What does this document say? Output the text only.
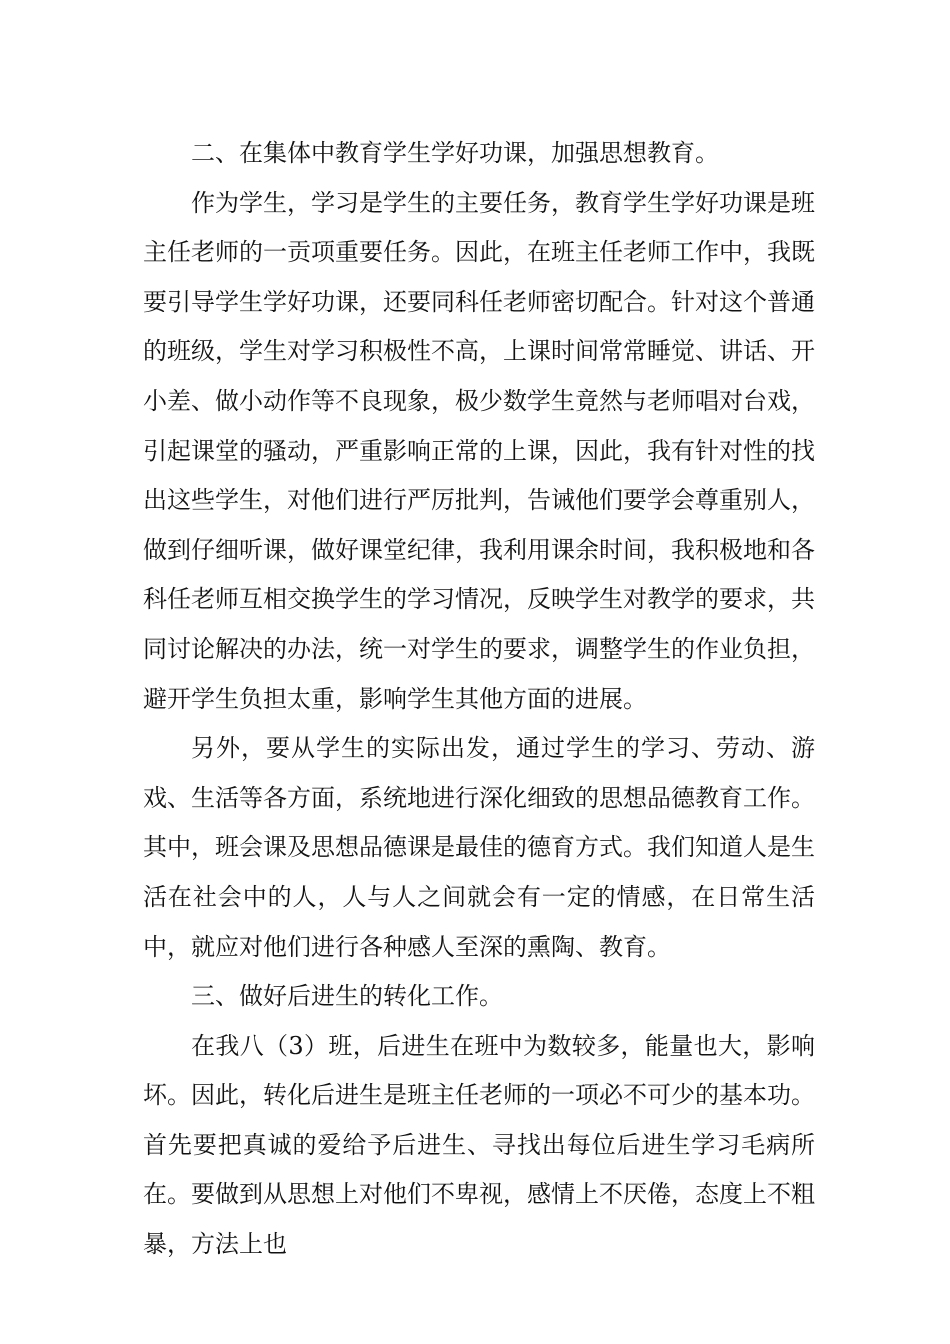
二、在集体中教育学生学好功课，加强思想教育。

作为学生，学习是学生的主要任务，教育学生学好功课是班主任老师的一贡项重要任务。因此，在班主任老师工作中，我既要引导学生学好功课，还要同科任老师密切配合。针对这个普通的班级，学生对学习积极性不高，上课时间常常睡觉、讲话、开小差、做小动作等不良现象，极少数学生竟然与老师唱对台戏，引起课堂的骚动，严重影响正常的上课，因此，我有针对性的找出这些学生，对他们进行严厉批判，告诫他们要学会尊重别人，做到仔细听课，做好课堂纪律，我利用课余时间，我积极地和各科任老师互相交换学生的学习情况，反映学生对教学的要求，共同讨论解决的办法，统一对学生的要求，调整学生的作业负担，避开学生负担太重，影响学生其他方面的进展。

另外，要从学生的实际出发，通过学生的学习、劳动、游戏、生活等各方面，系统地进行深化细致的思想品德教育工作。其中，班会课及思想品德课是最佳的德育方式。我们知道人是生活在社会中的人，人与人之间就会有一定的情感，在日常生活中，就应对他们进行各种感人至深的熏陶、教育。

三、做好后进生的转化工作。

在我八（3）班，后进生在班中为数较多，能量也大，影响坏。因此，转化后进生是班主任老师的一项必不可少的基本功。首先要把真诚的爱给予后进生、寻找出每位后进生学习毛病所在。要做到从思想上对他们不卑视，感情上不厌倦，态度上不粗暴，方法上也
